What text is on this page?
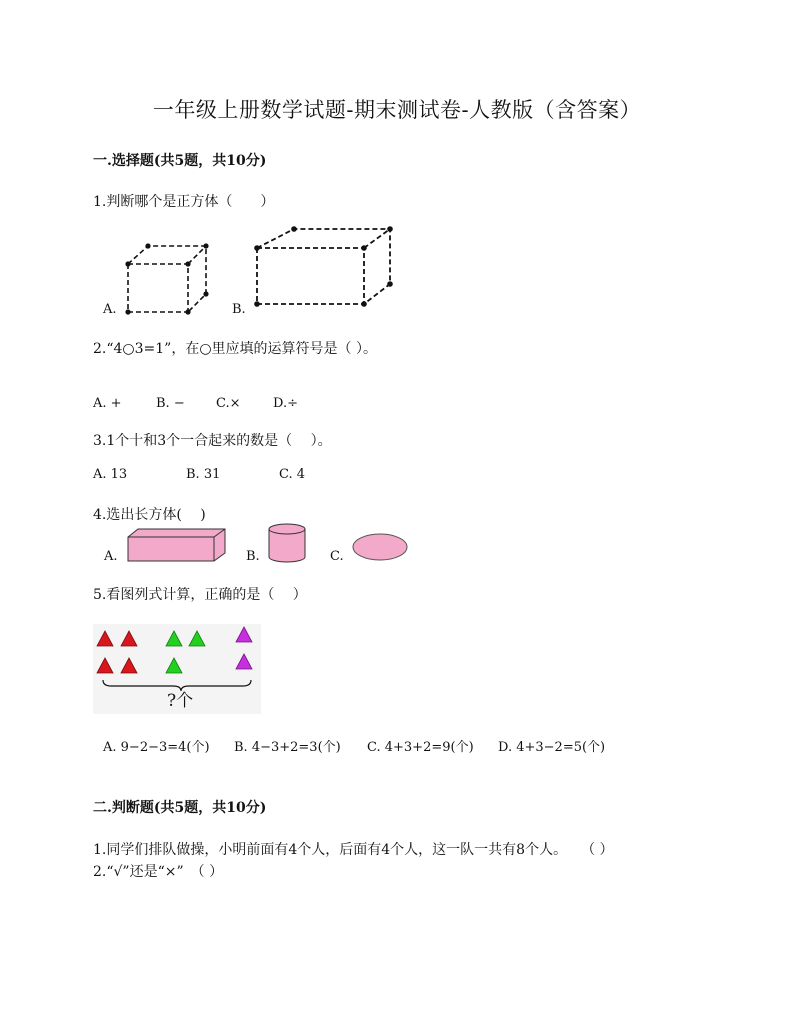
一年级上册数学试题-期末测试卷-人教版（含答案）
一.选择题(共5题，共10分)
1.判断哪个是正方体（　　）
A.	B.
2.“4○3=1”，在○里应填的运算符号是（ ）。
A. +	B. − C.× D.÷
3.1个十和3个一合起来的数是（　 ）。
A. 13	B. 31	C. 4
4.选出长方体(　 )
A.	B.	C.
5.看图列式计算，正确的是（　 ）
?个
A. 9−2−3=4(个) B. 4−3+2=3(个) C. 4+3+2=9(个) D. 4+3−2=5(个)
二.判断题(共5题，共10分)
1.同学们排队做操，小明前面有4个人，后面有4个人，这一队一共有8个人。　　（ ）
2.“√”还是“×”　（ ）
